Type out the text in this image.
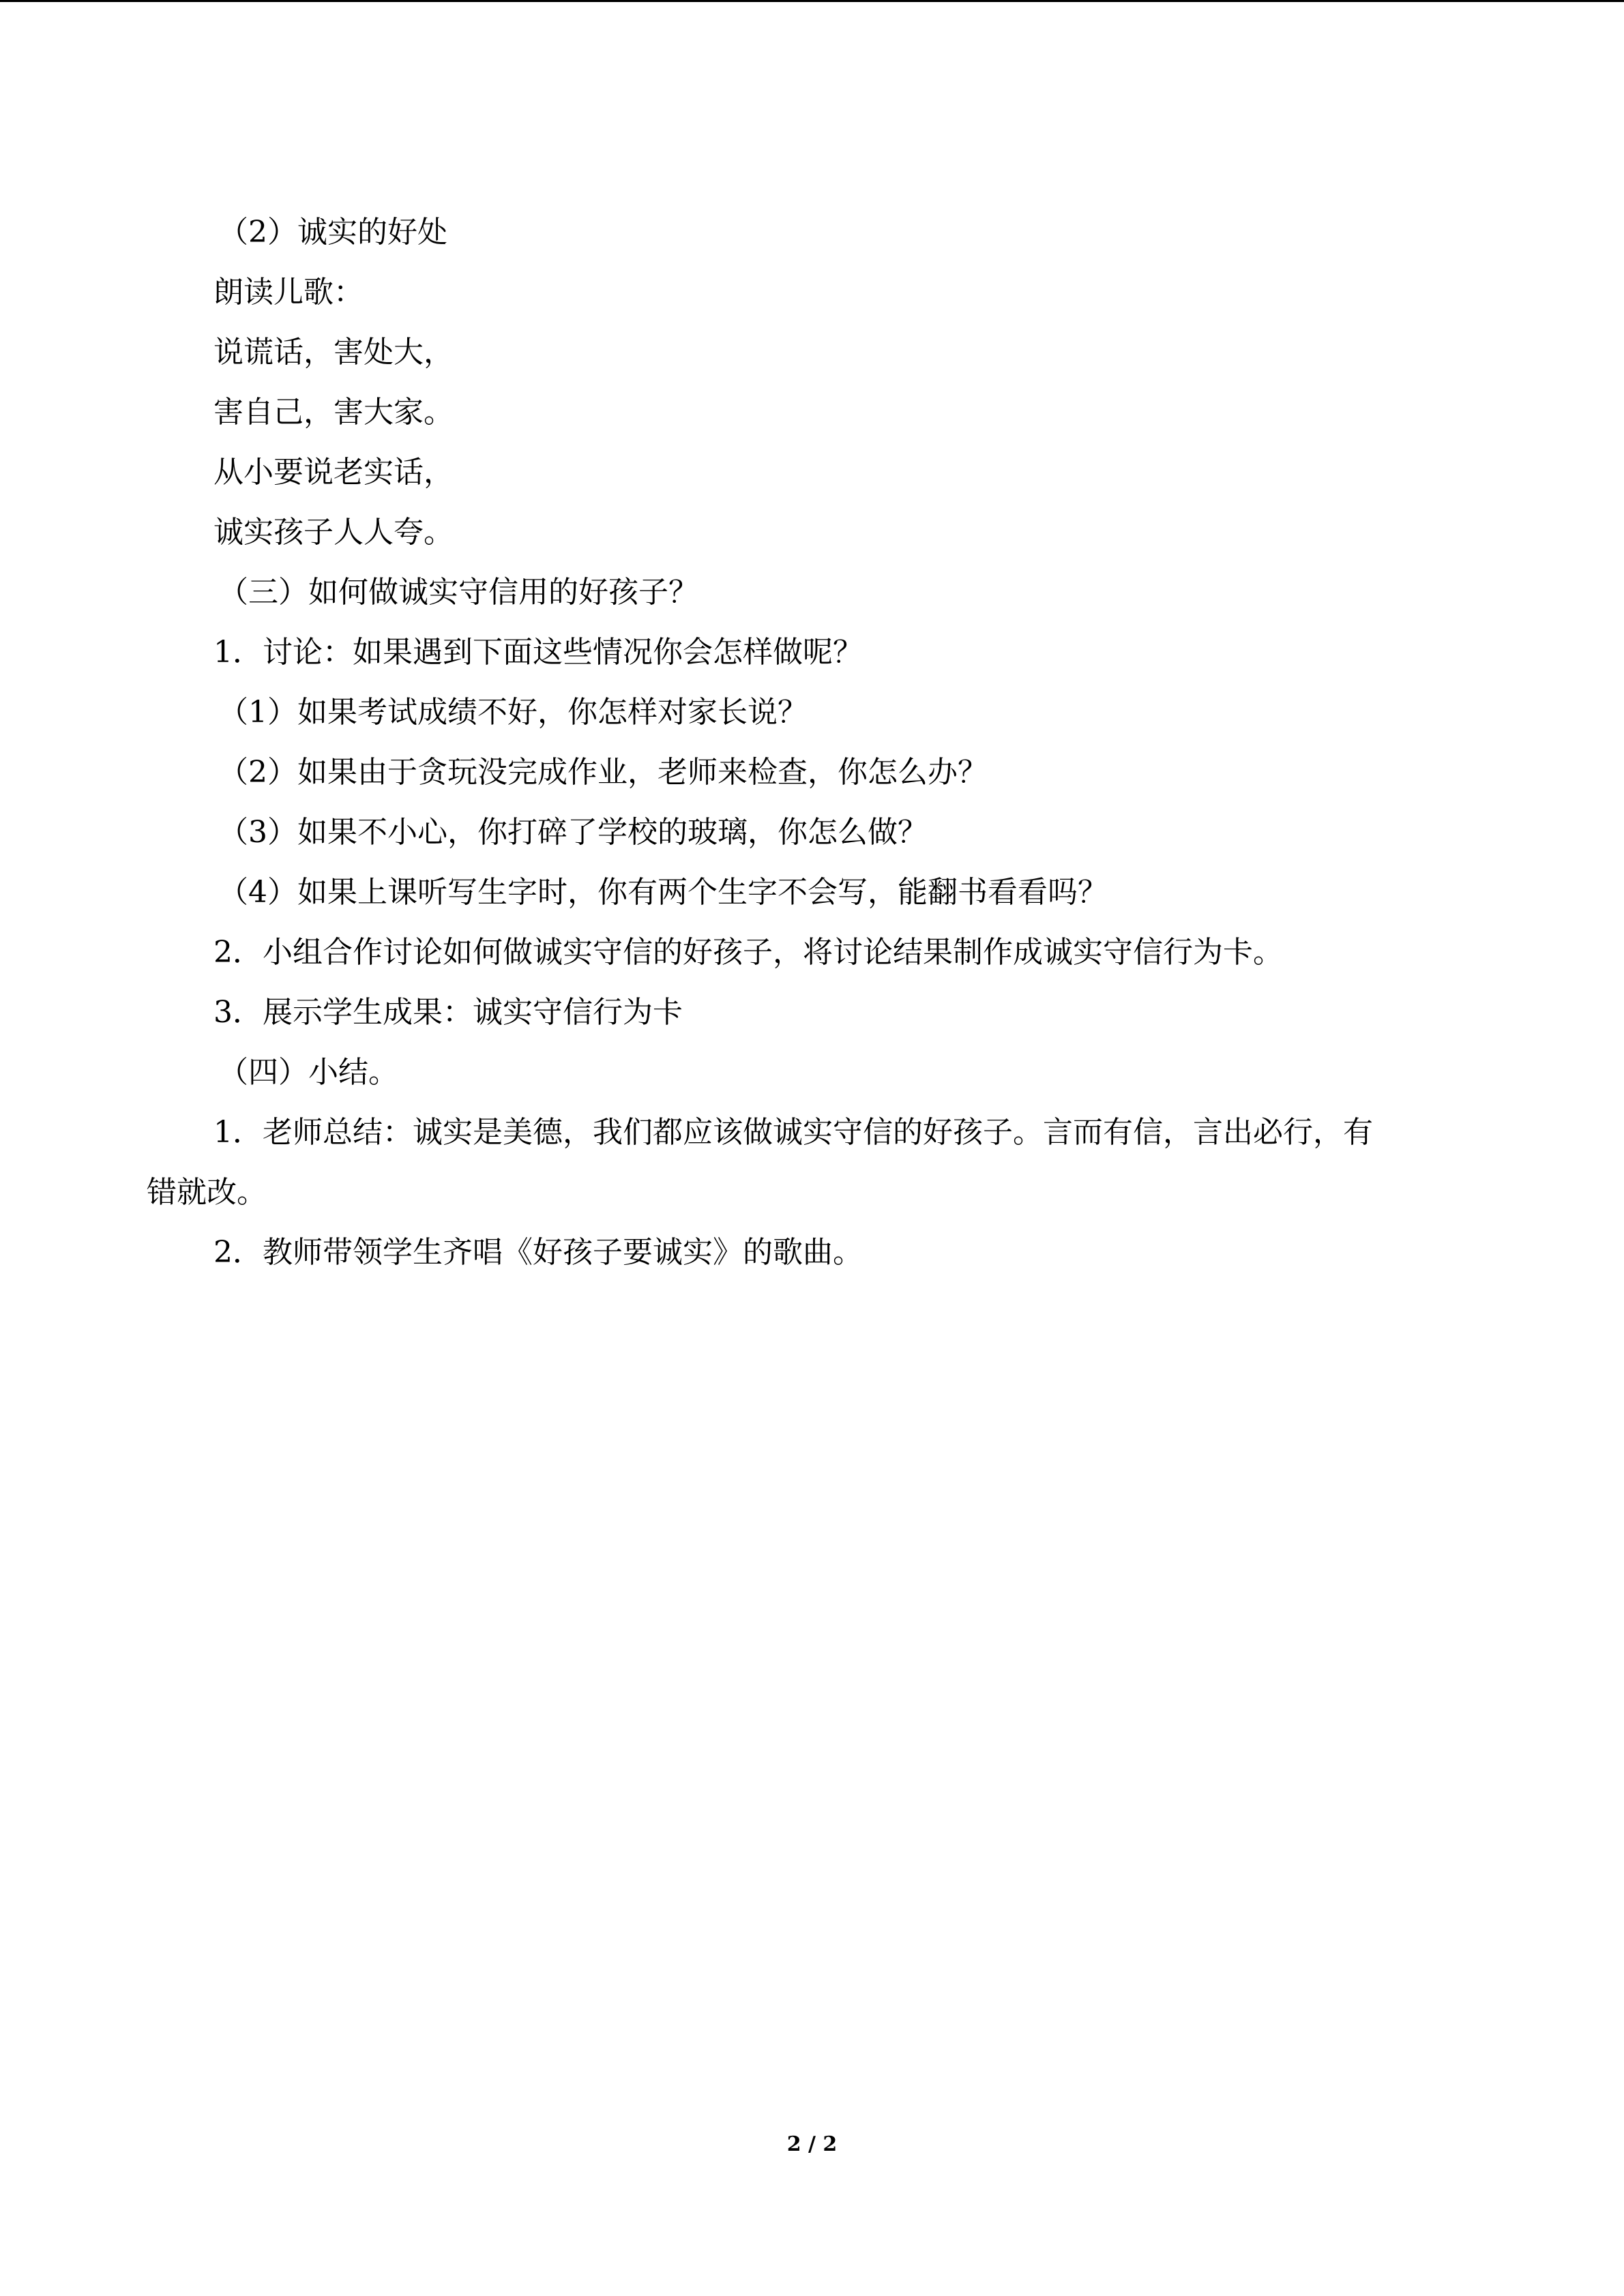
（2）诚实的好处
朗读儿歌：
说谎话，害处大，
害自己，害大家。
从小要说老实话，
诚实孩子人人夸。
（三）如何做诚实守信用的好孩子？
1．讨论：如果遇到下面这些情况你会怎样做呢？
（1）如果考试成绩不好，你怎样对家长说？
（2）如果由于贪玩没完成作业，老师来检查，你怎么办？
（3）如果不小心，你打碎了学校的玻璃，你怎么做？
（4）如果上课听写生字时，你有两个生字不会写，能翻书看看吗？
2．小组合作讨论如何做诚实守信的好孩子，将讨论结果制作成诚实守信行为卡。
3．展示学生成果：诚实守信行为卡
（四）小结。
1．老师总结：诚实是美德，我们都应该做诚实守信的好孩子。言而有信，言出必行，有
错就改。
2．教师带领学生齐唱《好孩子要诚实》的歌曲。
2 / 2
